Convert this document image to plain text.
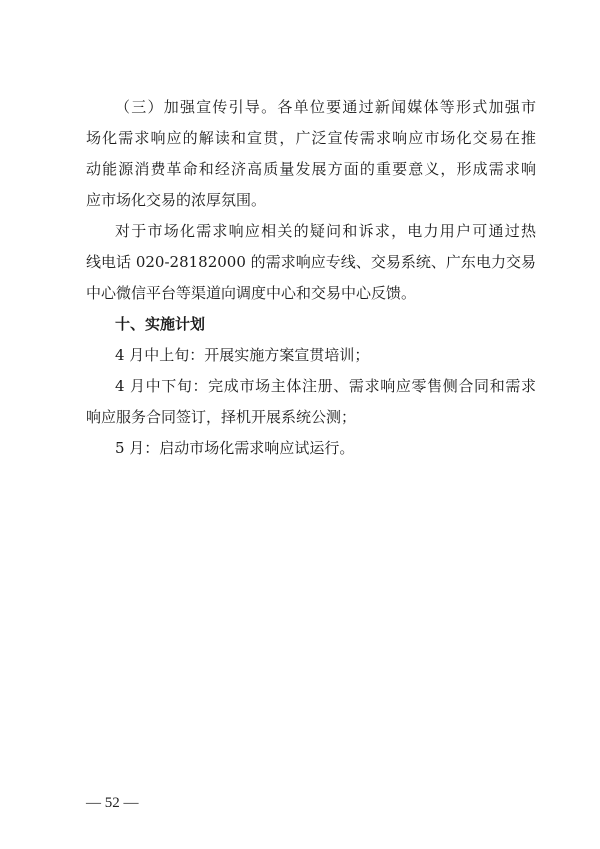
（三）加强宣传引导。各单位要通过新闻媒体等形式加强市
场化需求响应的解读和宣贯，广泛宣传需求响应市场化交易在推
动能源消费革命和经济高质量发展方面的重要意义，形成需求响
应市场化交易的浓厚氛围。
对于市场化需求响应相关的疑问和诉求，电力用户可通过热
线电话 020-28182000 的需求响应专线、交易系统、广东电力交易
中心微信平台等渠道向调度中心和交易中心反馈。
十、实施计划
4 月中上旬：开展实施方案宣贯培训；
4 月中下旬：完成市场主体注册、需求响应零售侧合同和需求
响应服务合同签订，择机开展系统公测；
5 月：启动市场化需求响应试运行。
— 52 —
